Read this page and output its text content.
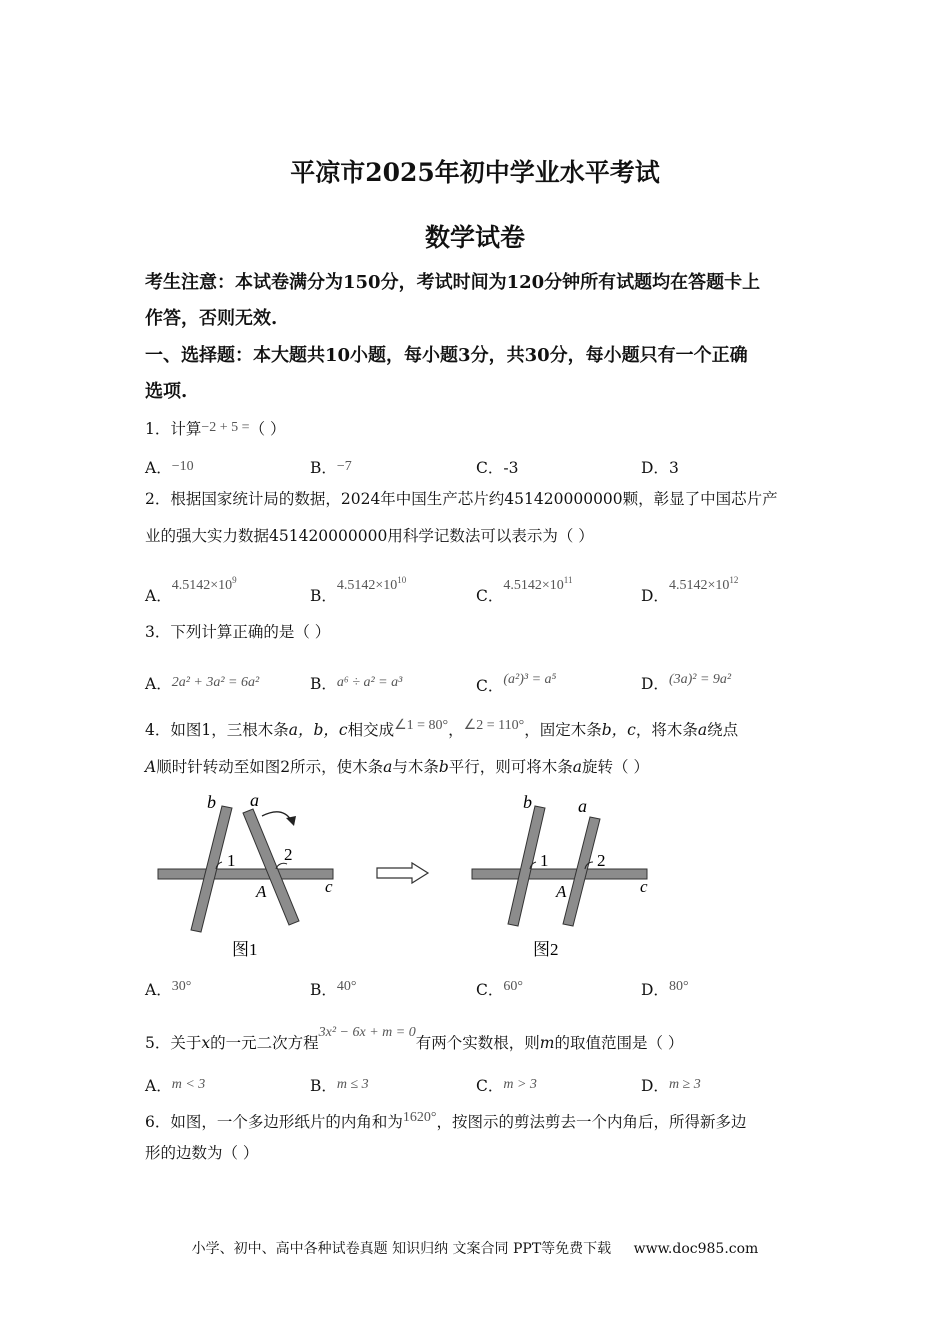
平凉市2025年初中学业水平考试
数学试卷
考生注意：本试卷满分为150分，考试时间为120分钟所有试题均在答题卡上
作答，否则无效.
一、选择题：本大题共10小题，每小题3分，共30分，每小题只有一个正确
选项.
1．计算−2 + 5 =（ ）
A．−10	B．−7	C．-3	D．3
2．根据国家统计局的数据，2024年中国生产芯片约451420000000颗，彰显了中国芯片产
业的强大实力数据451420000000用科学记数法可以表示为（ ）
A．$4.5142\times 10^9$
B．$4.5142\times 10^{10}$
C．$4.5142\times 10^{11}$
D．$4.5142\times 10^{12}$
3．下列计算正确的是（ ）
A．2a² + 3a² = 6a²	B．a⁶ ÷ a² = a³	C．(a²)³ = a⁵	D．(3a)² = 9a²
4．如图1，三根木条a，b，c相交成∠1 = 80°，∠2 = 110°，固定木条b，c，将木条a绕点
A顺时针转动至如图2所示，使木条a与木条b平行，则可将木条a旋转（ ）
b a
1	2
A	c
图1
b	a
1	2
A	c
图2
A．30°	B．40°	C．60°	D．80°
5．关于x的一元二次方程3x² − 6x + m = 0有两个实数根，则m的取值范围是（ ）
A．m < 3	B．m ≤ 3	C．m > 3	D．m ≥ 3
6．如图，一个多边形纸片的内角和为1620°，按图示的剪法剪去一个内角后，所得新多边
形的边数为（ ）
小学、初中、高中各种试卷真题 知识归纳 文案合同 PPT等免费下载 www.doc985.com
